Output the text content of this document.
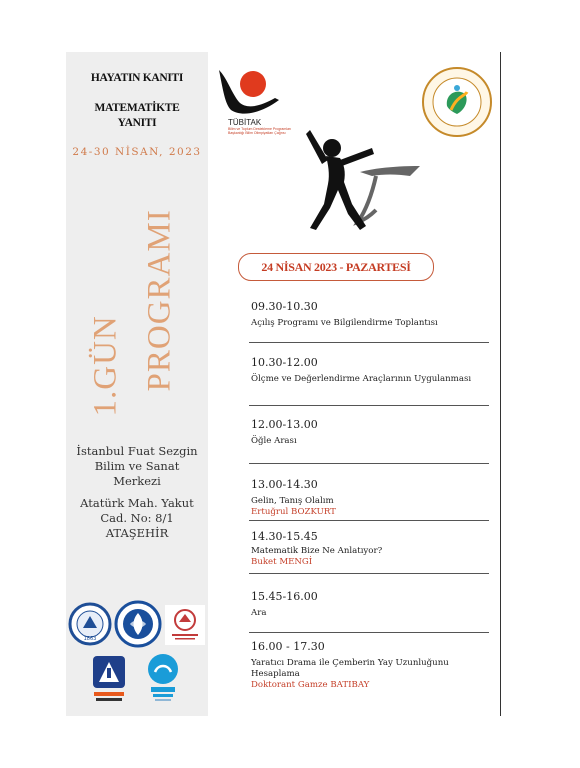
HAYATIN KANITI
MATEMATİKTE
YANITI
24-30 NİSAN, 2023
1.GÜN PROGRAMI
İstanbul Fuat Sezgin Bilim ve Sanat Merkezi
Atatürk Mah. Yakut Cad. No: 8/1 ATAŞEHİR
1863
TÜBİTAK
Bilim ve Toplum Destekleme Programları Başkanlığı Bilim Olimpiyatları Çağrısı
24 NİSAN 2023 - PAZARTESİ
09.30-10.30
Açılış Programı ve Bilgilendirme Toplantısı
10.30-12.00
Ölçme ve Değerlendirme Araçlarının Uygulanması
12.00-13.00
Öğle Arası
13.00-14.30
Gelin, Tanış Olalım
Ertuğrul BOZKURT
14.30-15.45
Matematik Bize Ne Anlatıyor?
Buket MENGİ
15.45-16.00
Ara
16.00 - 17.30
Yaratıcı Drama ile Çemberin Yay Uzunluğunu Hesaplama
Doktorant Gamze BATIBAY
